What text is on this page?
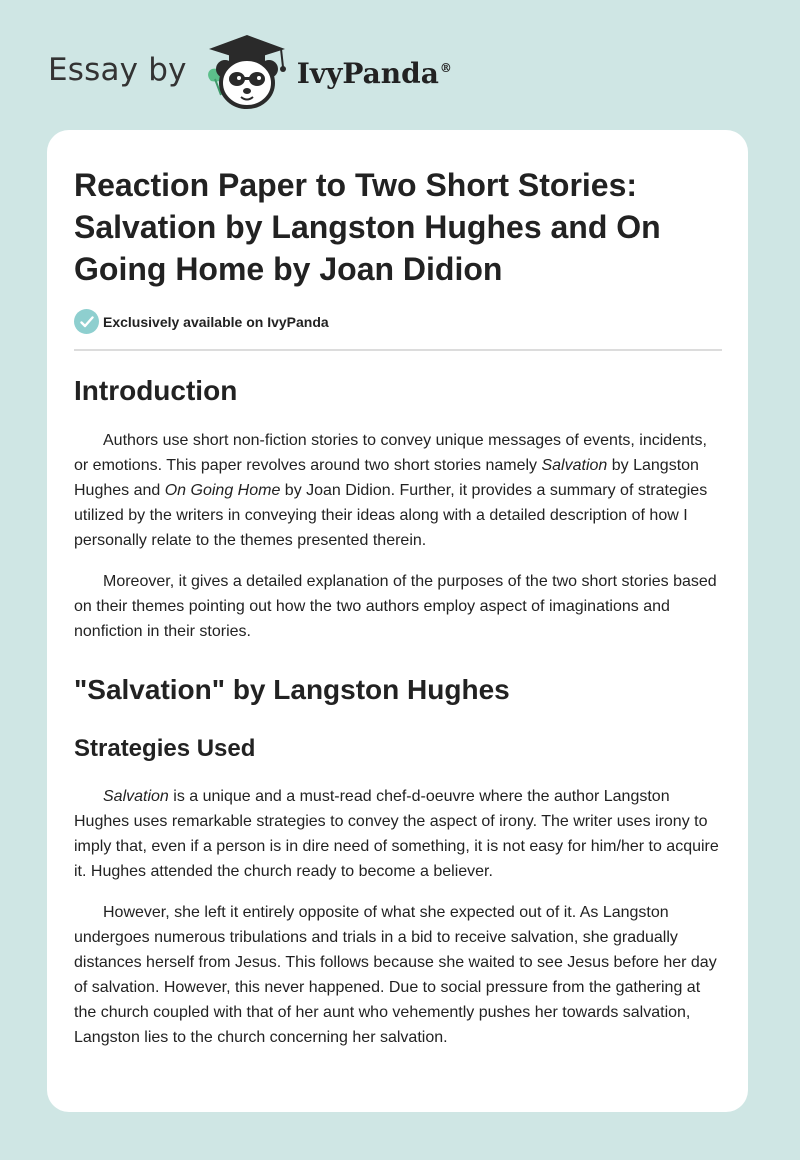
Essay by	IvyPanda®
Reaction Paper to Two Short Stories: Salvation by Langston Hughes and On Going Home by Joan Didion
Exclusively available on IvyPanda
Introduction

Authors use short non-fiction stories to convey unique messages of events, incidents, or emotions. This paper revolves around two short stories namely Salvation by Langston Hughes and On Going Home by Joan Didion. Further, it provides a summary of strategies utilized by the writers in conveying their ideas along with a detailed description of how I personally relate to the themes presented therein.

Moreover, it gives a detailed explanation of the purposes of the two short stories based on their themes pointing out how the two authors employ aspect of imaginations and nonfiction in their stories.

"Salvation" by Langston Hughes
Strategies Used

Salvation is a unique and a must-read chef-d-oeuvre where the author Langston Hughes uses remarkable strategies to convey the aspect of irony. The writer uses irony to imply that, even if a person is in dire need of something, it is not easy for him/her to acquire it. Hughes attended the church ready to become a believer.

However, she left it entirely opposite of what she expected out of it. As Langston undergoes numerous tribulations and trials in a bid to receive salvation, she gradually distances herself from Jesus. This follows because she waited to see Jesus before her day of salvation. However, this never happened. Due to social pressure from the gathering at the church coupled with that of her aunt who vehemently pushes her towards salvation, Langston lies to the church concerning her salvation.
